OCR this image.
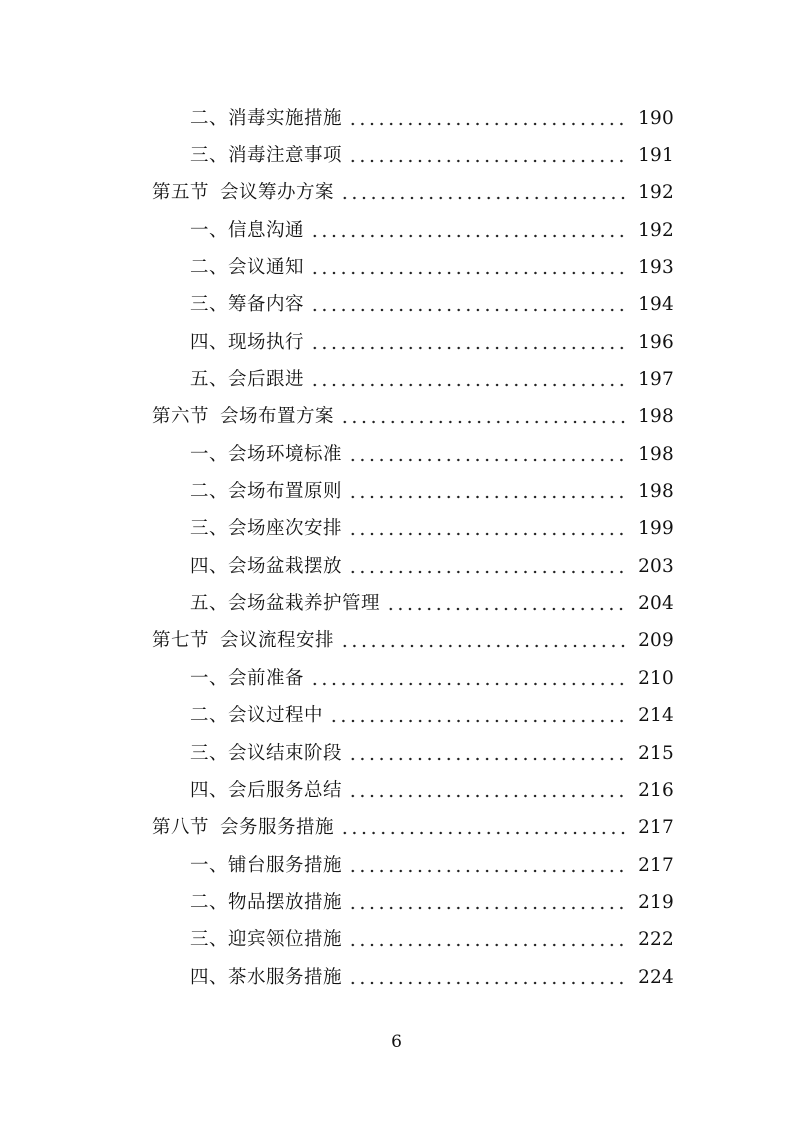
二、消毒实施措施	190
三、消毒注意事项	191
第五节 会议筹办方案	192
一、信息沟通	192
二、会议通知	193
三、筹备内容	194
四、现场执行	196
五、会后跟进	197
第六节 会场布置方案	198
一、会场环境标准	198
二、会场布置原则	198
三、会场座次安排	199
四、会场盆栽摆放	203
五、会场盆栽养护管理	204
第七节 会议流程安排	209
一、会前准备	210
二、会议过程中	214
三、会议结束阶段	215
四、会后服务总结	216
第八节 会务服务措施	217
一、铺台服务措施	217
二、物品摆放措施	219
三、迎宾领位措施	222
四、茶水服务措施	224
6
